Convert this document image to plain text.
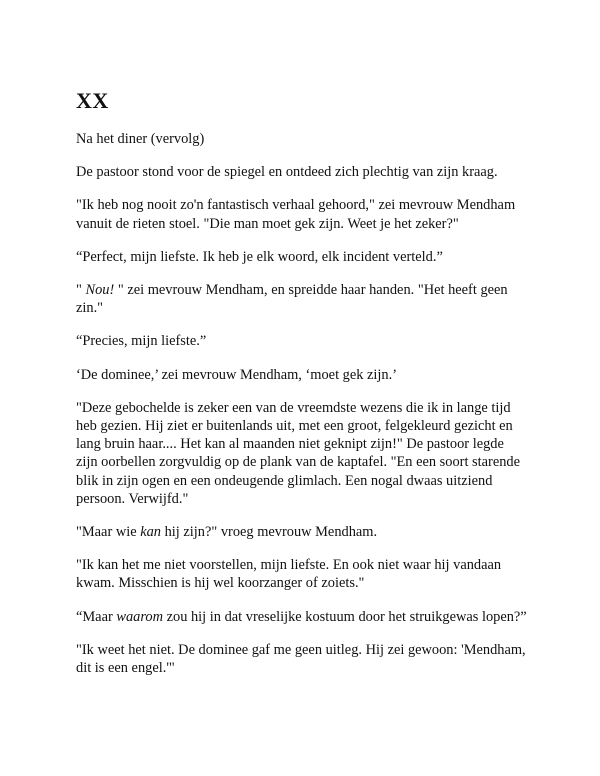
XX

Na het diner (vervolg)

De pastoor stond voor de spiegel en ontdeed zich plechtig van zijn kraag.

"Ik heb nog nooit zo'n fantastisch verhaal gehoord," zei mevrouw Mendham vanuit de rieten stoel. "Die man moet gek zijn. Weet je het zeker?"

“Perfect, mijn liefste. Ik heb je elk woord, elk incident verteld.”

" Nou! " zei mevrouw Mendham, en spreidde haar handen. "Het heeft geen zin."

“Precies, mijn liefste.”

‘De dominee,’ zei mevrouw Mendham, ‘moet gek zijn.’

"Deze gebochelde is zeker een van de vreemdste wezens die ik in lange tijd heb gezien. Hij ziet er buitenlands uit, met een groot, felgekleurd gezicht en lang bruin haar.... Het kan al maanden niet geknipt zijn!" De pastoor legde zijn oorbellen zorgvuldig op de plank van de kaptafel. "En een soort starende blik in zijn ogen en een ondeugende glimlach. Een nogal dwaas uitziend persoon. Verwijfd."

"Maar wie kan hij zijn?" vroeg mevrouw Mendham.

"Ik kan het me niet voorstellen, mijn liefste. En ook niet waar hij vandaan kwam. Misschien is hij wel koorzanger of zoiets."

“Maar waarom zou hij in dat vreselijke kostuum door het struikgewas lopen?”

"Ik weet het niet. De dominee gaf me geen uitleg. Hij zei gewoon: 'Mendham, dit is een engel.'"
